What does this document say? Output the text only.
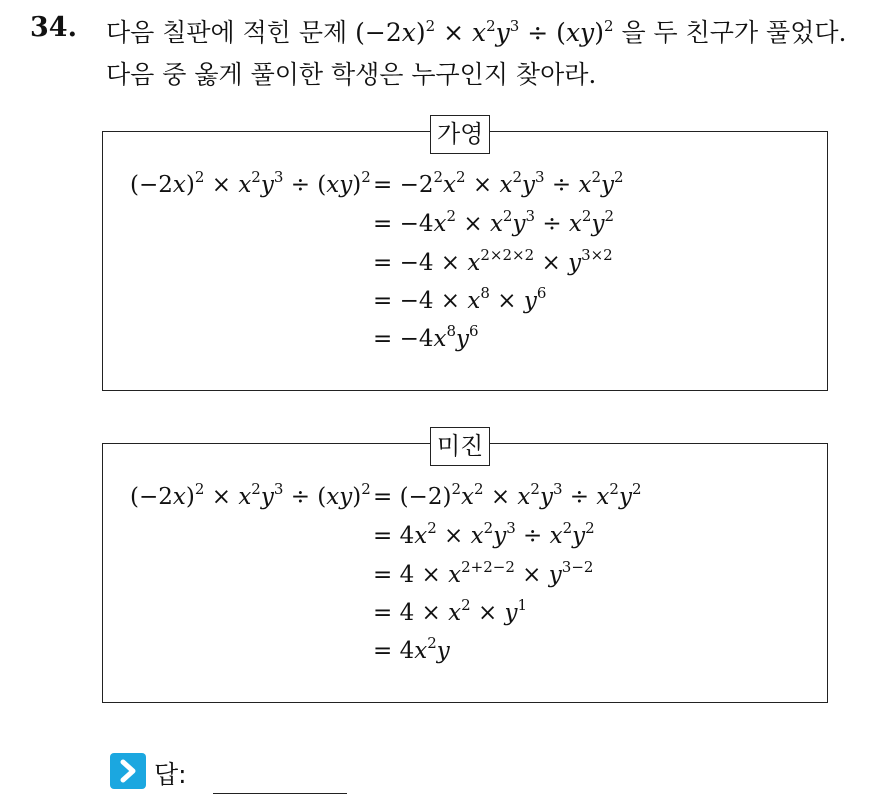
34. 다음 칠판에 적힌 문제 $(-2x)^2 \times x^2y^3 \div (xy)^2$ 을 두 친구가 풀었다.
다음 중 옳게 풀이한 학생은 누구인지 찾아라.
가영
$(-2x)^2 \times x^2y^3 \div (xy)^2 = -2^2x^2 \times x^2y^3 \div x^2y^2$
= $-4x^2 \times x^2y^3 \div x^2y^2$
= $-4 \times x^{2\times 2\times 2} \times y^{3\times 2}$
= $-4 \times x^8 \times y^6$
= $-4x^8y^6$
미진
$(-2x)^2 \times x^2y^3 \div (xy)^2 = (-2)^2x^2 \times x^2y^3 \div x^2y^2$
= $4x^2 \times x^2y^3 \div x^2y^2$
= $4 \times x^{2+2-2} \times y^{3-2}$
= $4 \times x^2 \times y^1$
= $4x^2y$
답:
